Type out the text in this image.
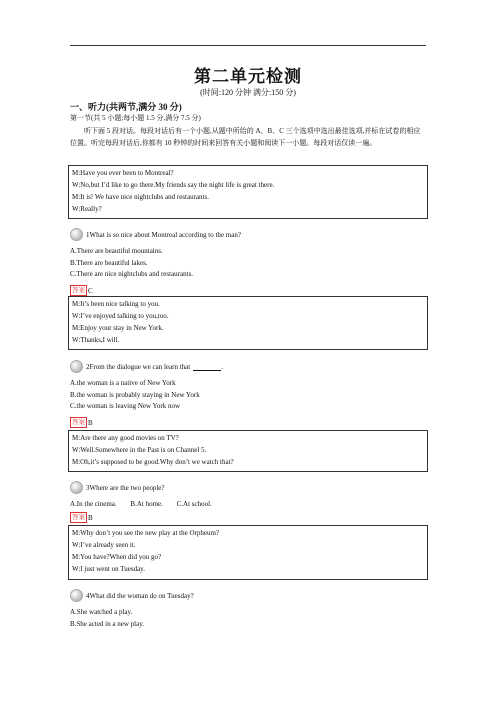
第二单元检测
(时间:120 分钟 满分:150 分)
一、听力(共两节,满分 30 分)
第一节(共 5 小题;每小题 1.5 分,满分 7.5 分)
听下面 5 段对话。每段对话后有一个小题,从题中所给的 A、B、C 三个选项中选出最佳选项,并标在试卷的相应位置。听完每段对话后,你都有 10 秒钟的时间来回答有关小题和阅读下一小题。每段对话仅读一遍。
M:Have you ever been to Montreal?
W:No,but I’d like to go there.My friends say the night life is great there.
M:It is! We have nice nightclubs and restaurants.
W:Really?
1What is so nice about Montreal according to the man?
A.There are beautiful mountains.
B.There are beautiful lakes.
C.There are nice nightclubs and restaurants.
答案 C
M:It’s been nice talking to you.
W:I’ve enjoyed talking to you,too.
M:Enjoy your stay in New York.
W:Thanks,I will.
2From the dialogue we can learn that	.
A.the woman is a native of New York
B.the woman is probably staying in New York
C.the woman is leaving New York now
答案 B
M:Are there any good movies on TV?
W:Well.Somewhere in the Past is on Channel 5.
M:Oh,it’s supposed to be good.Why don’t we watch that?
3Where are the two people?
A.In the cinema. B.At home. C.At school.
答案 B
M:Why don’t you see the new play at the Orpheum?
W:I’ve already seen it.
M:You have?When did you go?
W:I just went on Tuesday.
4What did the woman do on Tuesday?
A.She watched a play.
B.She acted in a new play.
